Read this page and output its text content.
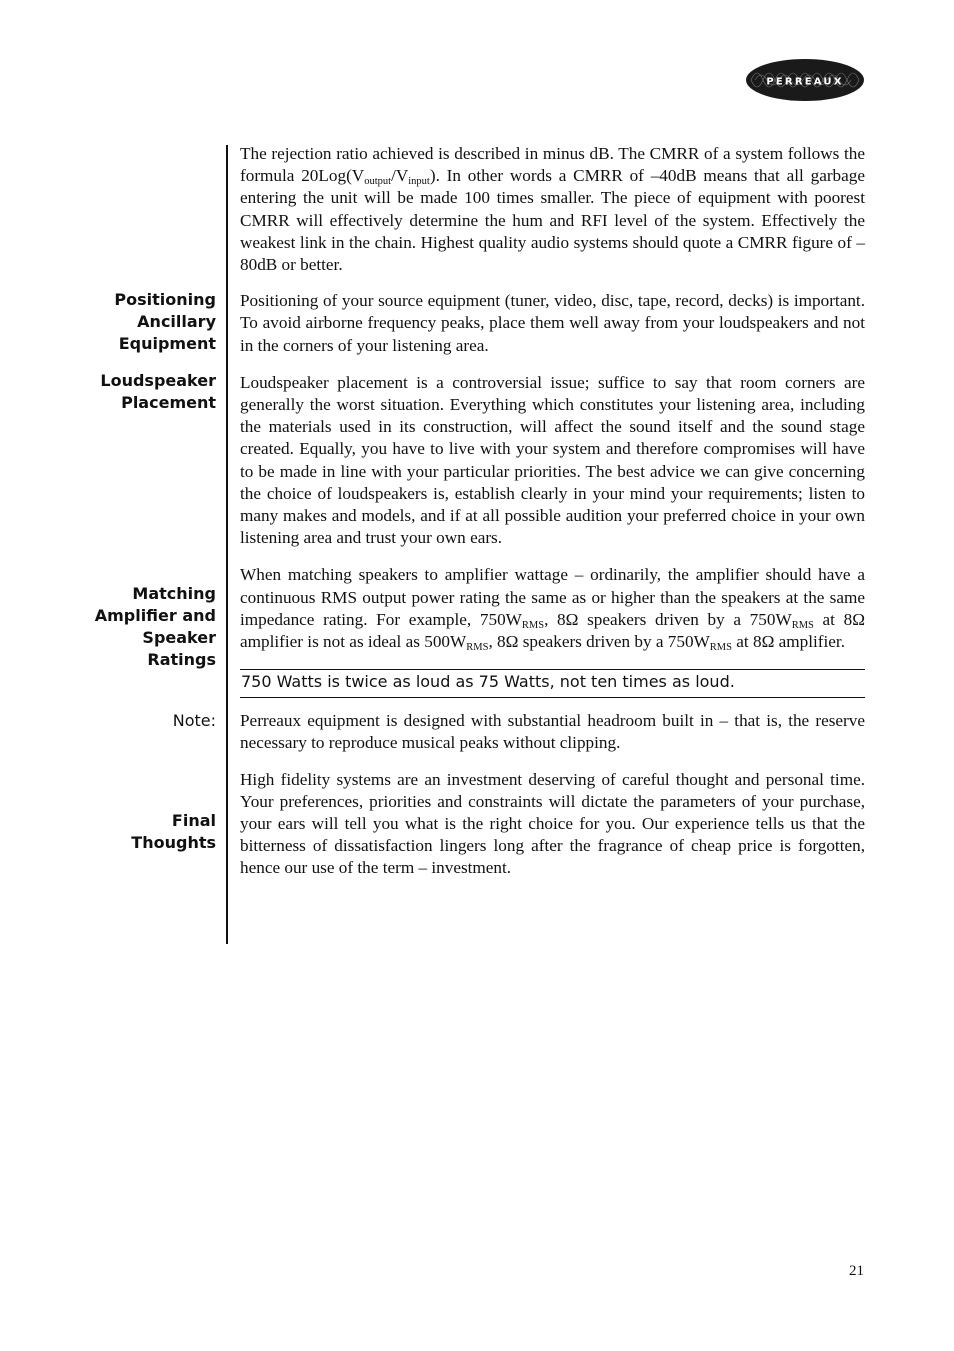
PERREAUX
Positioning
Ancillary
Equipment
Loudspeaker
Placement
Matching
Amplifier and
Speaker
Ratings
Note:
Final
Thoughts

The rejection ratio achieved is described in minus dB. The CMRR of a system follows the formula $20Log(V_{output}/V_{input})$. In other words a CMRR of –40dB means that all garbage entering the unit will be made 100 times smaller. The piece of equipment with poorest CMRR will effectively determine the hum and RFI level of the system. Effectively the weakest link in the chain. Highest quality audio systems should quote a CMRR figure of –80dB or better.

Positioning of your source equipment (tuner, video, disc, tape, record, decks) is important. To avoid airborne frequency peaks, place them well away from your loudspeakers and not in the corners of your listening area.

Loudspeaker placement is a controversial issue; suffice to say that room corners are generally the worst situation. Everything which constitutes your listening area, including the materials used in its construction, will affect the sound itself and the sound stage created. Equally, you have to live with your system and therefore compromises will have to be made in line with your particular priorities. The best advice we can give concerning the choice of loudspeakers is, establish clearly in your mind your requirements; listen to many makes and models, and if at all possible audition your preferred choice in your own listening area and trust your own ears.

When matching speakers to amplifier wattage – ordinarily, the amplifier should have a continuous RMS output power rating the same as or higher than the speakers at the same impedance rating. For example, $750W_{RMS}$, 8Ω speakers driven by a $750W_{RMS}$ at 8Ω amplifier is not as ideal as $500W_{RMS}$, 8Ω speakers driven by a $750W_{RMS}$ at 8Ω amplifier.

750 Watts is twice as loud as 75 Watts, not ten times as loud.

Perreaux equipment is designed with substantial headroom built in – that is, the reserve necessary to reproduce musical peaks without clipping.

High fidelity systems are an investment deserving of careful thought and personal time. Your preferences, priorities and constraints will dictate the parameters of your purchase, your ears will tell you what is the right choice for you. Our experience tells us that the bitterness of dissatisfaction lingers long after the fragrance of cheap price is forgotten, hence our use of the term – investment.

21
